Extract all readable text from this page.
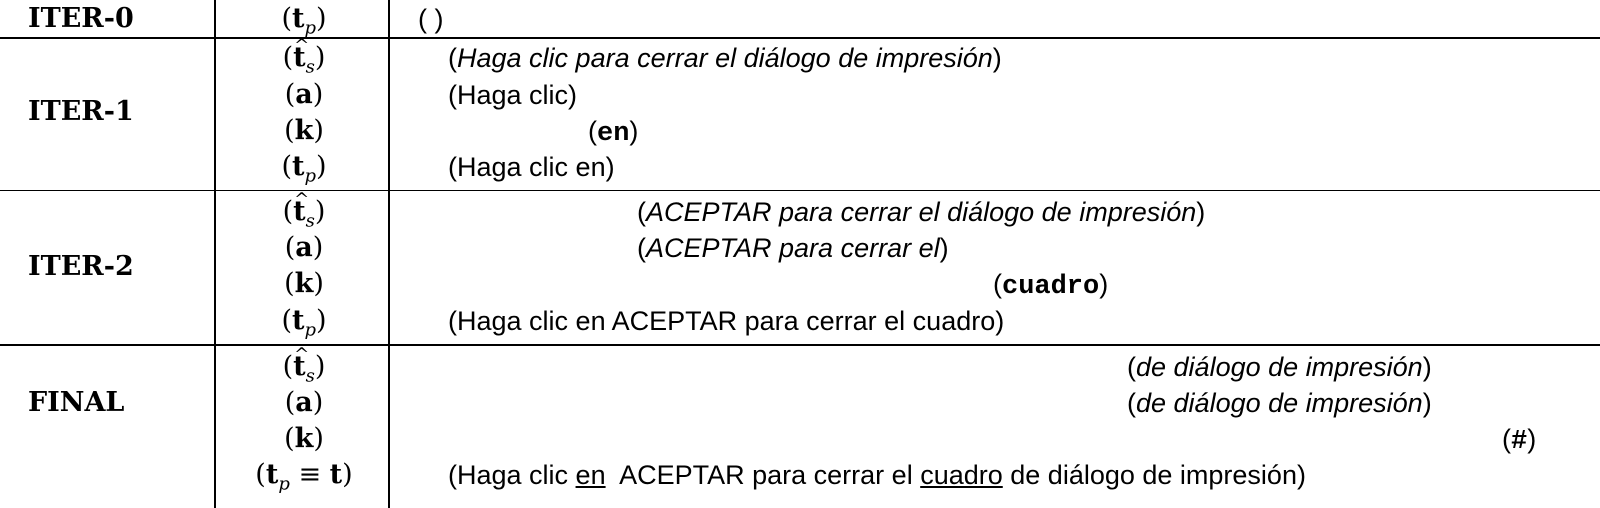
ITER-0	$(t_p)$	( )
ITER-1
(^ $t_s$)
(a)
(k)
$(t_p)$
(Haga clic para cerrar el diálogo de impresión)
(Haga clic)
(en)
(Haga clic en)
ITER-2
(^ $t_s$)
(a)
(k)
$(t_p)$
(ACEPTAR para cerrar el diálogo de impresión)
(ACEPTAR para cerrar el)
(cuadro)
(Haga clic en ACEPTAR para cerrar el cuadro)
FINAL
(^ $t_s$)
(a)
(k)
$(t_p \equiv t)$
(de diálogo de impresión)
(de diálogo de impresión)
(#)
(Haga clic en  ACEPTAR para cerrar el cuadro de diálogo de impresión)
